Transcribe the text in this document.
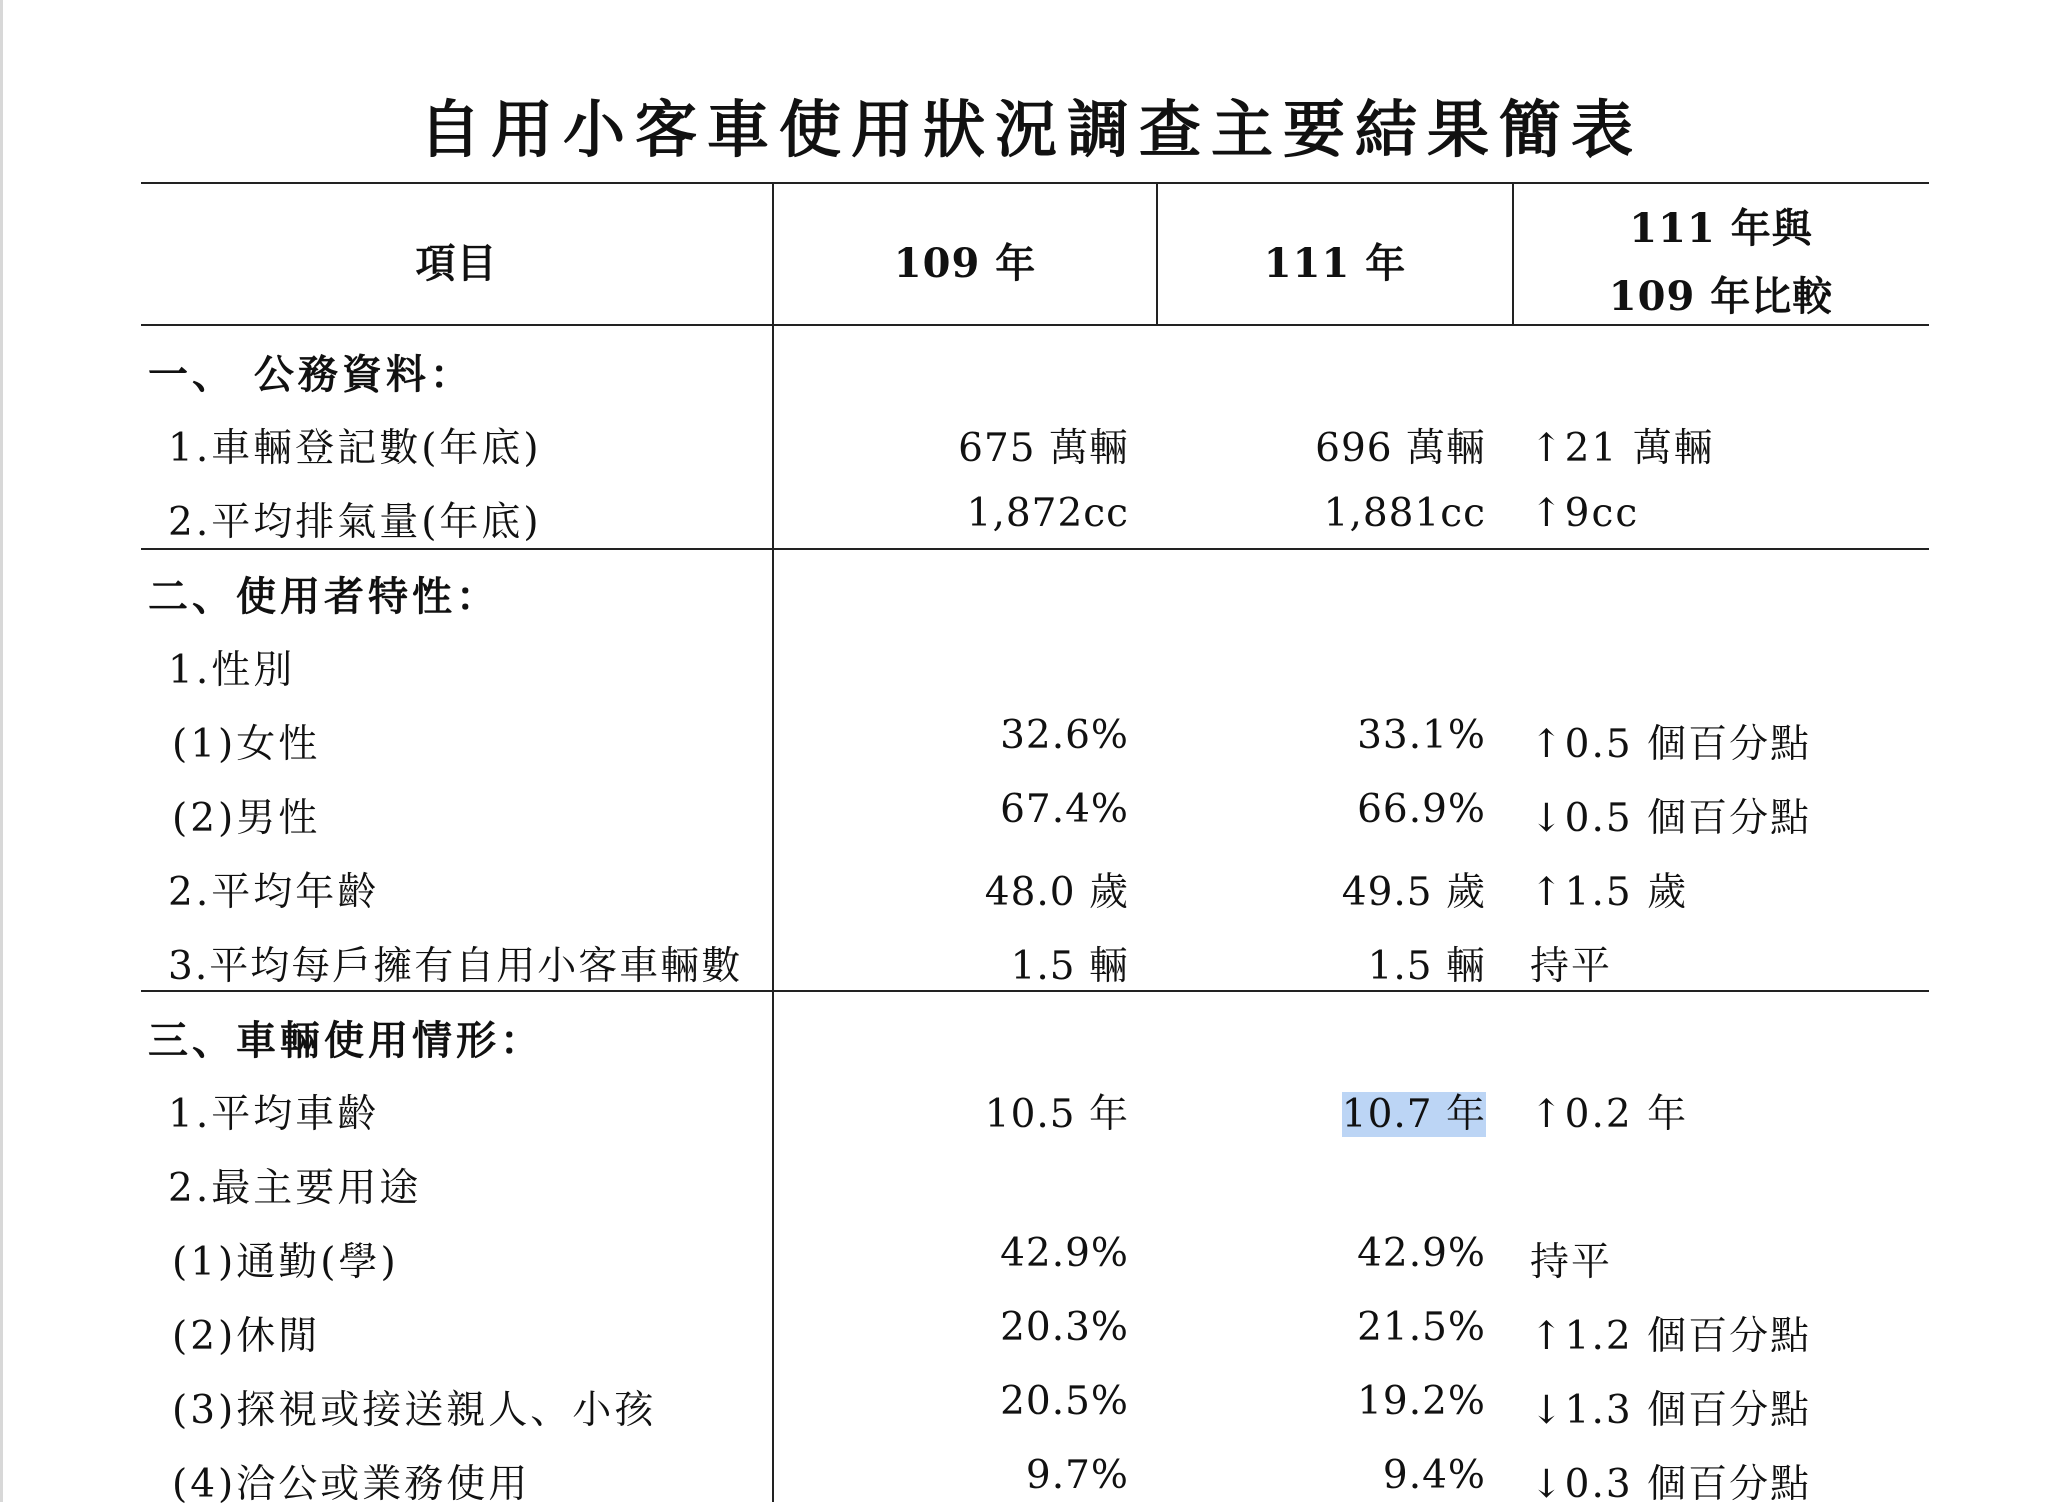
自用小客車使用狀況調查主要結果簡表
項目	109 年	111 年
111 年與
109 年比較
一、 公務資料：
1.車輛登記數(年底)	675 萬輛	696 萬輛 ↑21 萬輛
2.平均排氣量(年底)	1,872cc	1,881cc ↑9cc
二、使用者特性：
1.性別
(1)女性	32.6%	33.1% ↑0.5 個百分點
(2)男性	67.4%	66.9% ↓0.5 個百分點
2.平均年齡	48.0 歲	49.5 歲 ↑1.5 歲
3.平均每戶擁有自用小客車輛數	1.5 輛	1.5 輛 持平
三、車輛使用情形：
1.平均車齡	10.5 年	10.7 年 ↑0.2 年
2.最主要用途
(1)通勤(學)	42.9%	42.9% 持平
(2)休閒	20.3%	21.5% ↑1.2 個百分點
(3)探視或接送親人、小孩	20.5%	19.2% ↓1.3 個百分點
(4)洽公或業務使用	9.7%	9.4% ↓0.3 個百分點
